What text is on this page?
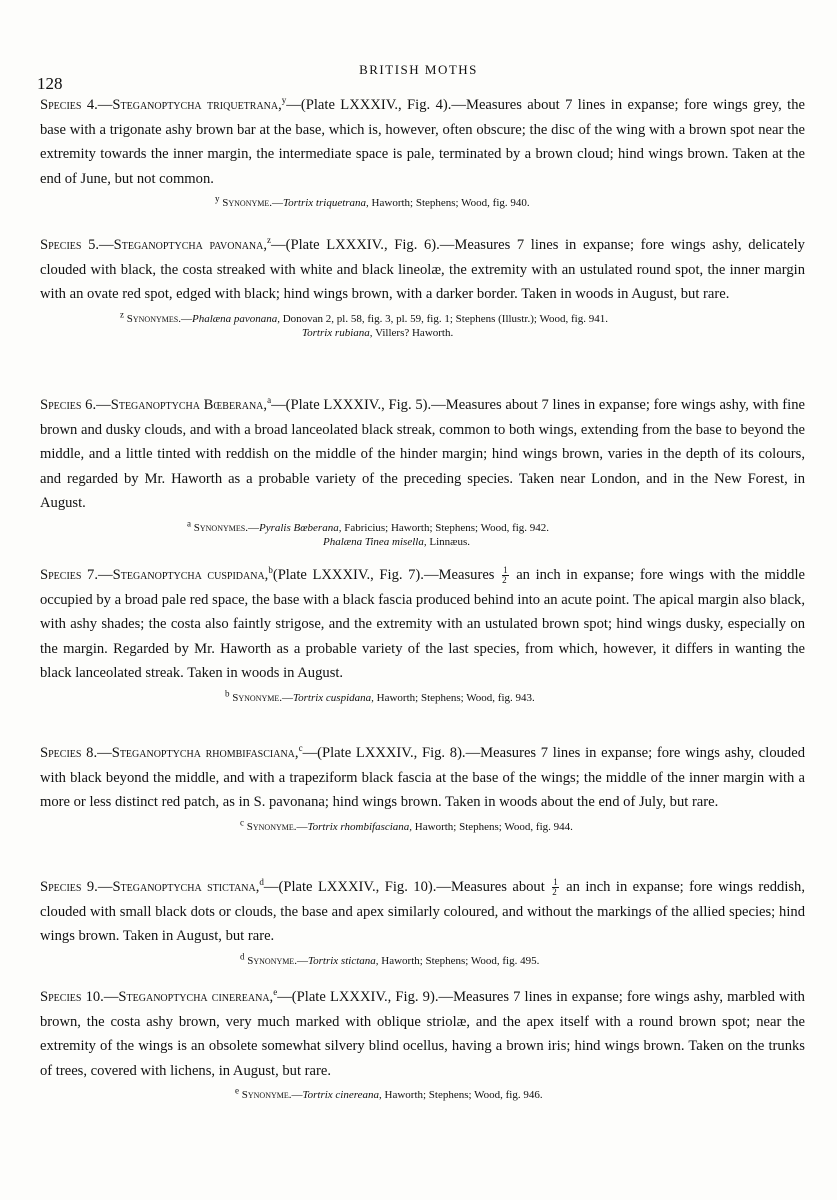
128
BRITISH MOTHS

Species 4.—Steganoptycha triquetrana,$^y$—(Plate LXXXIV., Fig. 4).—Measures about 7 lines in expanse; fore wings grey, the base with a trigonate ashy brown bar at the base, which is, however, often obscure; the disc of the wing with a brown spot near the extremity towards the inner margin, the intermediate space is pale, terminated by a brown cloud; hind wings brown. Taken at the end of June, but not common.

$^y$ Synonyme.—Tortrix triquetrana, Haworth; Stephens; Wood, fig. 940.

Species 5.—Steganoptycha pavonana,$^z$—(Plate LXXXIV., Fig. 6).—Measures 7 lines in expanse; fore wings ashy, delicately clouded with black, the costa streaked with white and black lineolæ, the extremity with an ustulated round spot, the inner margin with an ovate red spot, edged with black; hind wings brown, with a darker border. Taken in woods in August, but rare.

$^z$ Synonymes.—Phalæna pavonana, Donovan 2, pl. 58, fig. 3, pl. 59, fig. 1; Stephens (Illustr.); Wood, fig. 941.
Tortrix rubiana, Villers? Haworth.

Species 6.—Steganoptycha Bœberana,$^a$—(Plate LXXXIV., Fig. 5).—Measures about 7 lines in expanse; fore wings ashy, with fine brown and dusky clouds, and with a broad lanceolated black streak, common to both wings, extending from the base to beyond the middle, and a little tinted with reddish on the middle of the hinder margin; hind wings brown, varies in the depth of its colours, and regarded by Mr. Haworth as a probable variety of the preceding species. Taken near London, and in the New Forest, in August.

$^a$ Synonymes.—Pyralis Bœberana, Fabricius; Haworth; Stephens; Wood, fig. 942.
Phalæna Tinea misella, Linnæus.

Species 7.—Steganoptycha cuspidana,$^b$(Plate LXXXIV., Fig. 7).—Measures $\frac{1}{2}$ an inch in expanse; fore wings with the middle occupied by a broad pale red space, the base with a black fascia produced behind into an acute point. The apical margin also black, with ashy shades; the costa also faintly strigose, and the extremity with an ustulated brown spot; hind wings dusky, especially on the margin. Regarded by Mr. Haworth as a probable variety of the last species, from which, however, it differs in wanting the black lanceolated streak. Taken in woods in August.

$^b$ Synonyme.—Tortrix cuspidana, Haworth; Stephens; Wood, fig. 943.

Species 8.—Steganoptycha rhombifasciana,$^c$—(Plate LXXXIV., Fig. 8).—Measures 7 lines in expanse; fore wings ashy, clouded with black beyond the middle, and with a trapeziform black fascia at the base of the wings; the middle of the inner margin with a more or less distinct red patch, as in S. pavonana; hind wings brown. Taken in woods about the end of July, but rare.

$^c$ Synonyme.—Tortrix rhombifasciana, Haworth; Stephens; Wood, fig. 944.

Species 9.—Steganoptycha stictana,$^d$—(Plate LXXXIV., Fig. 10).—Measures about $\frac{1}{2}$ an inch in expanse; fore wings reddish, clouded with small black dots or clouds, the base and apex similarly coloured, and without the markings of the allied species; hind wings brown. Taken in August, but rare.

$^d$ Synonyme.—Tortrix stictana, Haworth; Stephens; Wood, fig. 495.

Species 10.—Steganoptycha cinereana,$^e$—(Plate LXXXIV., Fig. 9).—Measures 7 lines in expanse; fore wings ashy, marbled with brown, the costa ashy brown, very much marked with oblique striolæ, and the apex itself with a round brown spot; near the extremity of the wings is an obsolete somewhat silvery blind ocellus, having a brown iris; hind wings brown. Taken on the trunks of trees, covered with lichens, in August, but rare.

$^e$ Synonyme.—Tortrix cinereana, Haworth; Stephens; Wood, fig. 946.
